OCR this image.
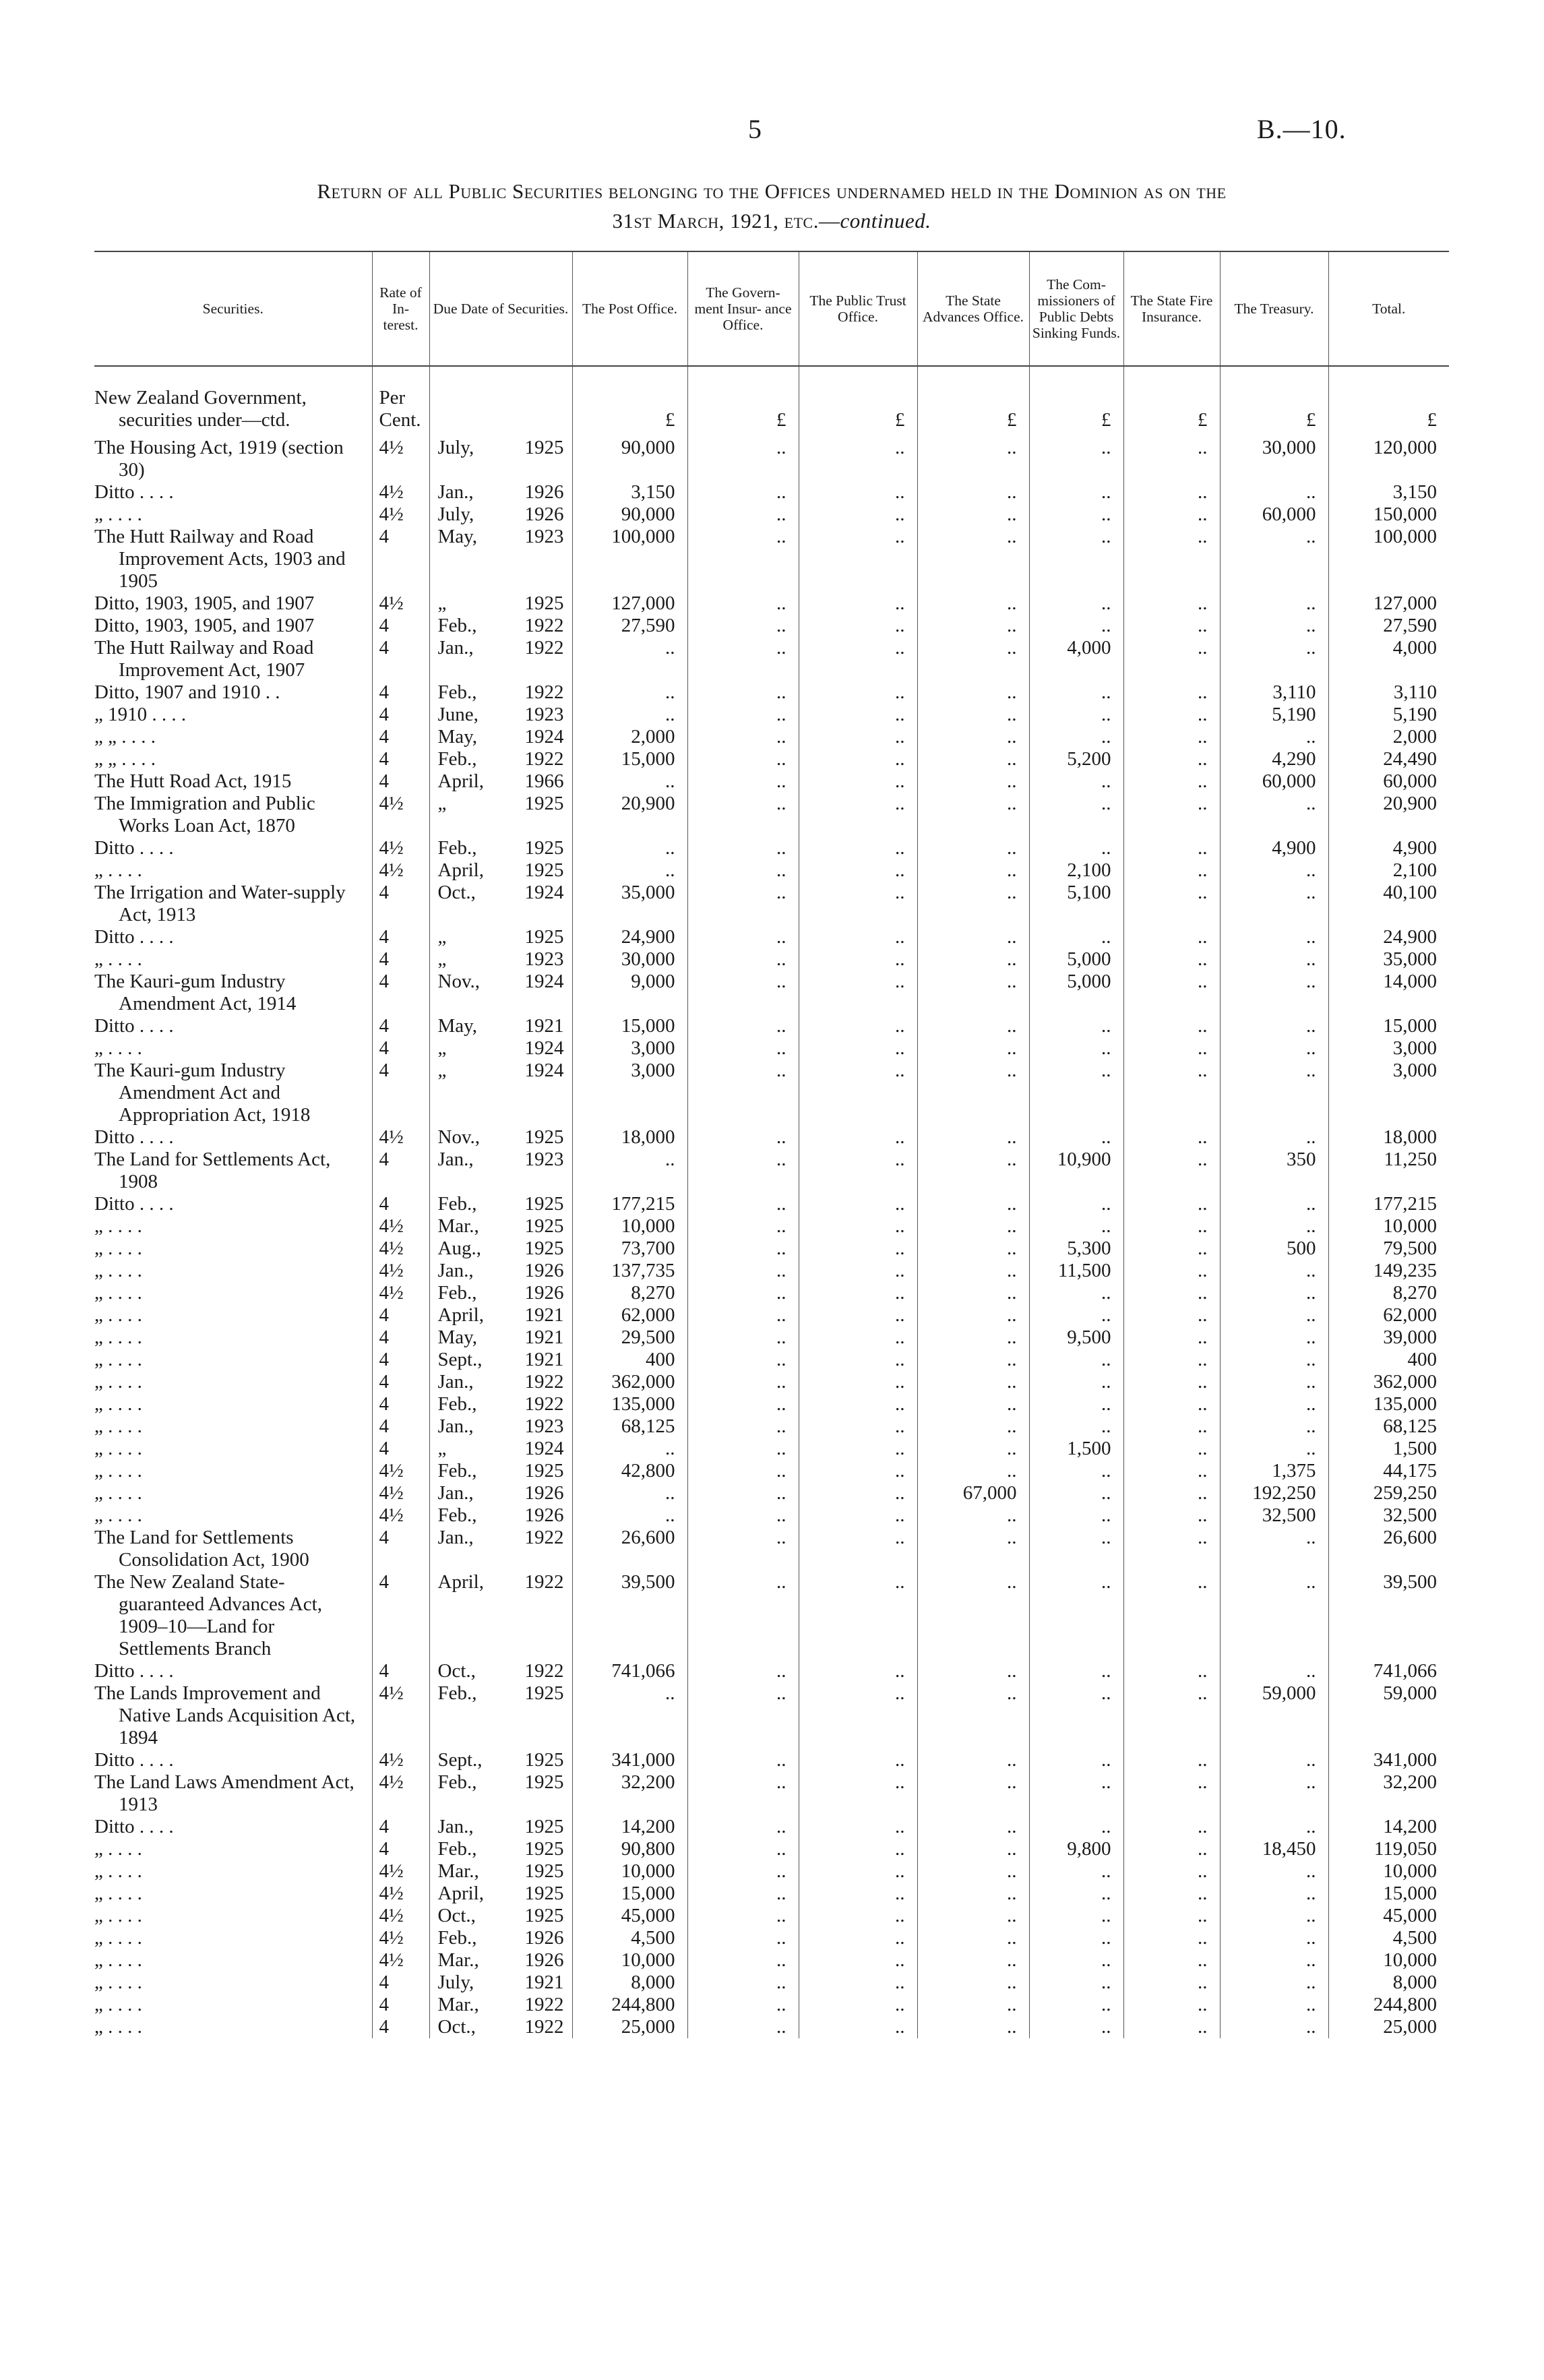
5	B.—10.
Return of all Public Securities belonging to the Offices undernamed held in the Dominion as on the
31st March, 1921, etc.—continued.
Securities.	Rate of In- terest.	Due Date of Securities.	The Post Office.	The Govern- ment Insur- ance Office.	The Public Trust Office.	The State Advances Office.	The Com- missioners of Public Debts Sinking Funds.	The State Fire Insurance.	The Treasury.	Total.
New Zealand Government, securities under—ctd.	Per Cent.		£	£	£	£	£	£	£	£
The Housing Act, 1919 (section 30)	4½	July, 1925	90,000	..	..	..	..	..	30,000	120,000
Ditto . . . .	4½	Jan., 1926	3,150	..	..	..	..	..	..	3,150
„ . . . .	4½	July, 1926	90,000	..	..	..	..	..	60,000	150,000
The Hutt Railway and Road Improvement Acts, 1903 and 1905	4	May, 1923	100,000	..	..	..	..	..	..	100,000
Ditto, 1903, 1905, and 1907	4½	„ 1925	127,000	..	..	..	..	..	..	127,000
Ditto, 1903, 1905, and 1907	4	Feb., 1922	27,590	..	..	..	..	..	..	27,590
The Hutt Railway and Road Improvement Act, 1907	4	Jan., 1922	..	..	..	..	4,000	..	..	4,000
Ditto, 1907 and 1910 . .	4	Feb., 1922	..	..	..	..	..	..	3,110	3,110
„ 1910 . . . .	4	June, 1923	..	..	..	..	..	..	5,190	5,190
„ „ . . . .	4	May, 1924	2,000	..	..	..	..	..	..	2,000
„ „ . . . .	4	Feb., 1922	15,000	..	..	..	5,200	..	4,290	24,490
The Hutt Road Act, 1915	4	April, 1966	..	..	..	..	..	..	60,000	60,000
The Immigration and Public Works Loan Act, 1870	4½	„ 1925	20,900	..	..	..	..	..	..	20,900
Ditto . . . .	4½	Feb., 1925	..	..	..	..	..	..	4,900	4,900
„ . . . .	4½	April, 1925	..	..	..	..	2,100	..	..	2,100
The Irrigation and Water-supply Act, 1913	4	Oct., 1924	35,000	..	..	..	5,100	..	..	40,100
Ditto . . . .	4	„ 1925	24,900	..	..	..	..	..	..	24,900
„ . . . .	4	„ 1923	30,000	..	..	..	5,000	..	..	35,000
The Kauri-gum Industry Amendment Act, 1914	4	Nov., 1924	9,000	..	..	..	5,000	..	..	14,000
Ditto . . . .	4	May, 1921	15,000	..	..	..	..	..	..	15,000
„ . . . .	4	„ 1924	3,000	..	..	..	..	..	..	3,000
The Kauri-gum Industry Amendment Act and Appropriation Act, 1918	4	„ 1924	3,000	..	..	..	..	..	..	3,000
Ditto . . . .	4½	Nov., 1925	18,000	..	..	..	..	..	..	18,000
The Land for Settlements Act, 1908	4	Jan., 1923	..	..	..	..	10,900	..	350	11,250
Ditto . . . .	4	Feb., 1925	177,215	..	..	..	..	..	..	177,215
„ . . . .	4½	Mar., 1925	10,000	..	..	..	..	..	..	10,000
„ . . . .	4½	Aug., 1925	73,700	..	..	..	5,300	..	500	79,500
„ . . . .	4½	Jan., 1926	137,735	..	..	..	11,500	..	..	149,235
„ . . . .	4½	Feb., 1926	8,270	..	..	..	..	..	..	8,270
„ . . . .	4	April, 1921	62,000	..	..	..	..	..	..	62,000
„ . . . .	4	May, 1921	29,500	..	..	..	9,500	..	..	39,000
„ . . . .	4	Sept., 1921	400	..	..	..	..	..	..	400
„ . . . .	4	Jan., 1922	362,000	..	..	..	..	..	..	362,000
„ . . . .	4	Feb., 1922	135,000	..	..	..	..	..	..	135,000
„ . . . .	4	Jan., 1923	68,125	..	..	..	..	..	..	68,125
„ . . . .	4	„ 1924	..	..	..	..	1,500	..	..	1,500
„ . . . .	4½	Feb., 1925	42,800	..	..	..	..	..	1,375	44,175
„ . . . .	4½	Jan., 1926	..	..	..	67,000	..	..	192,250	259,250
„ . . . .	4½	Feb., 1926	..	..	..	..	..	..	32,500	32,500
The Land for Settlements Consolidation Act, 1900	4	Jan., 1922	26,600	..	..	..	..	..	..	26,600
The New Zealand State-guaranteed Advances Act, 1909–10—Land for Settlements Branch	4	April, 1922	39,500	..	..	..	..	..	..	39,500
Ditto . . . .	4	Oct., 1922	741,066	..	..	..	..	..	..	741,066
The Lands Improvement and Native Lands Acquisition Act, 1894	4½	Feb., 1925	..	..	..	..	..	..	59,000	59,000
Ditto . . . .	4½	Sept., 1925	341,000	..	..	..	..	..	..	341,000
The Land Laws Amendment Act, 1913	4½	Feb., 1925	32,200	..	..	..	..	..	..	32,200
Ditto . . . .	4	Jan., 1925	14,200	..	..	..	..	..	..	14,200
„ . . . .	4	Feb., 1925	90,800	..	..	..	9,800	..	18,450	119,050
„ . . . .	4½	Mar., 1925	10,000	..	..	..	..	..	..	10,000
„ . . . .	4½	April, 1925	15,000	..	..	..	..	..	..	15,000
„ . . . .	4½	Oct., 1925	45,000	..	..	..	..	..	..	45,000
„ . . . .	4½	Feb., 1926	4,500	..	..	..	..	..	..	4,500
„ . . . .	4½	Mar., 1926	10,000	..	..	..	..	..	..	10,000
„ . . . .	4	July, 1921	8,000	..	..	..	..	..	..	8,000
„ . . . .	4	Mar., 1922	244,800	..	..	..	..	..	..	244,800
„ . . . .	4	Oct., 1922	25,000	..	..	..	..	..	..	25,000
